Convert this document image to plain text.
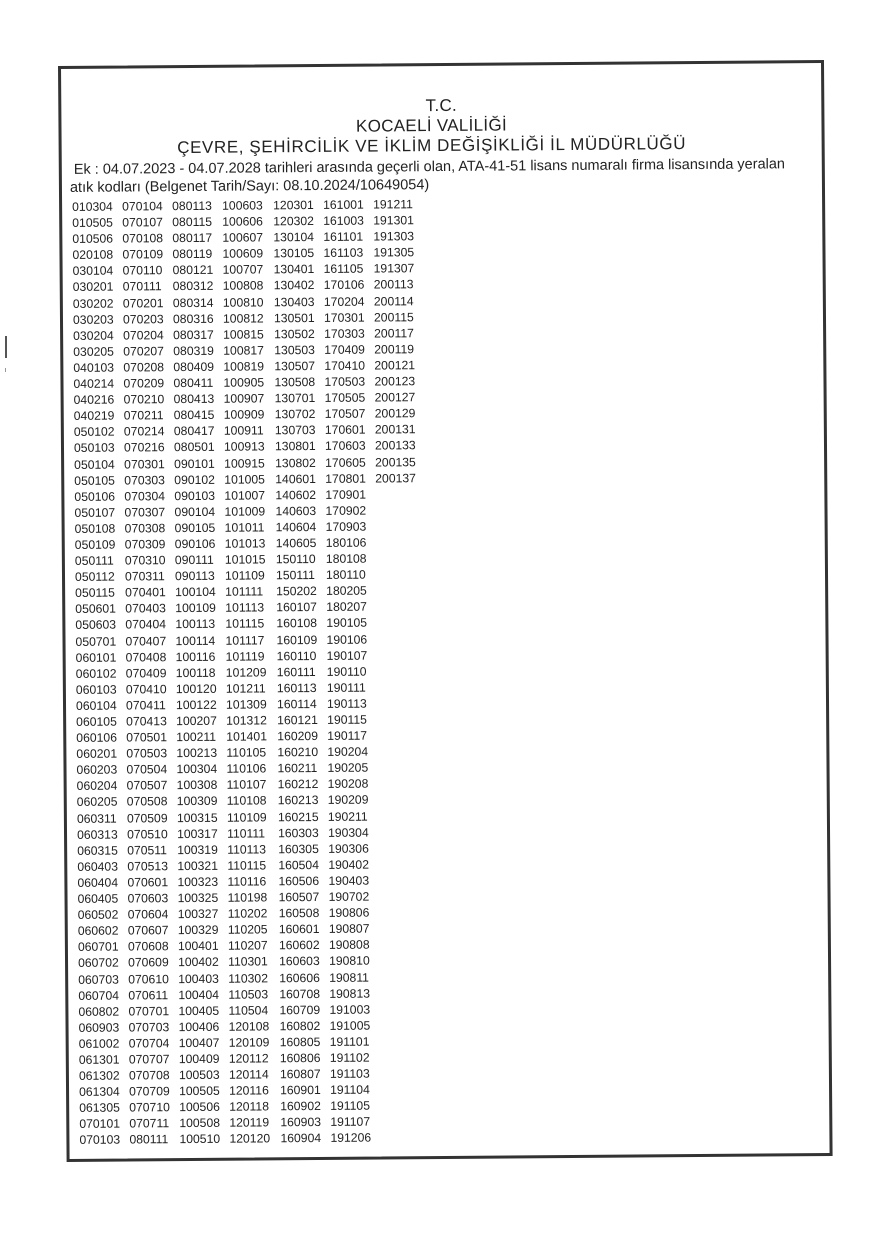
T.C.
KOCAELİ VALİLİĞİ
ÇEVRE, ŞEHİRCİLİK VE İKLİM DEĞİŞİKLİĞİ İL MÜDÜRLÜĞÜ
Ek : 04.07.2023 - 04.07.2028 tarihleri arasında geçerli olan, ATA-41-51 lisans numaralı firma lisansında yeralan
atık kodları (Belgenet Tarih/Sayı: 08.10.2024/10649054)
010304 070104 080113 100603 120301 161001 191211
010505 070107 080115 100606 120302 161003 191301
010506 070108 080117 100607 130104 161101 191303
020108 070109 080119 100609 130105 161103 191305
030104 070110 080121 100707 130401 161105 191307
030201 070111 080312 100808 130402 170106 200113
030202 070201 080314 100810 130403 170204 200114
030203 070203 080316 100812 130501 170301 200115
030204 070204 080317 100815 130502 170303 200117
030205 070207 080319 100817 130503 170409 200119
040103 070208 080409 100819 130507 170410 200121
040214 070209 080411 100905 130508 170503 200123
040216 070210 080413 100907 130701 170505 200127
040219 070211 080415 100909 130702 170507 200129
050102 070214 080417 100911 130703 170601 200131
050103 070216 080501 100913 130801 170603 200133
050104 070301 090101 100915 130802 170605 200135
050105 070303 090102 101005 140601 170801 200137
050106 070304 090103 101007 140602 170901
050107 070307 090104 101009 140603 170902
050108 070308 090105 101011 140604 170903
050109 070309 090106 101013 140605 180106
050111 070310 090111 101015 150110 180108
050112 070311 090113 101109 150111 180110
050115 070401 100104 101111	150202 180205
050601 070403 100109 101113 160107 180207
050603 070404 100113 101115 160108 190105
050701 070407 100114 101117 160109 190106
060101 070408 100116 101119 160110 190107
060102 070409 100118 101209 160111 190110
060103 070410 100120 101211 160113 190111
060104 070411 100122 101309 160114 190113
060105 070413 100207 101312 160121 190115
060106 070501 100211 101401 160209 190117
060201 070503 100213 110105 160210 190204
060203 070504 100304 110106 160211 190205
060204 070507 100308 110107 160212 190208
060205 070508 100309 110108 160213 190209
060311 070509 100315 110109 160215 190211
060313 070510 100317 110111	160303 190304
060315 070511 100319 110113 160305 190306
060403 070513 100321 110115 160504 190402
060404 070601 100323 110116 160506 190403
060405 070603 100325 110198 160507 190702
060502 070604 100327 110202 160508 190806
060602 070607 100329 110205 160601 190807
060701 070608 100401 110207 160602 190808
060702 070609 100402 110301 160603 190810
060703 070610 100403 110302 160606 190811
060704 070611 100404 110503 160708 190813
060802 070701 100405 110504 160709 191003
060903 070703 100406 120108 160802 191005
061002 070704 100407 120109 160805 191101
061301 070707 100409 120112 160806 191102
061302 070708 100503 120114 160807 191103
061304 070709 100505 120116 160901 191104
061305 070710 100506 120118 160902 191105
070101 070711 100508 120119 160903 191107
070103 080111 100510 120120 160904 191206
